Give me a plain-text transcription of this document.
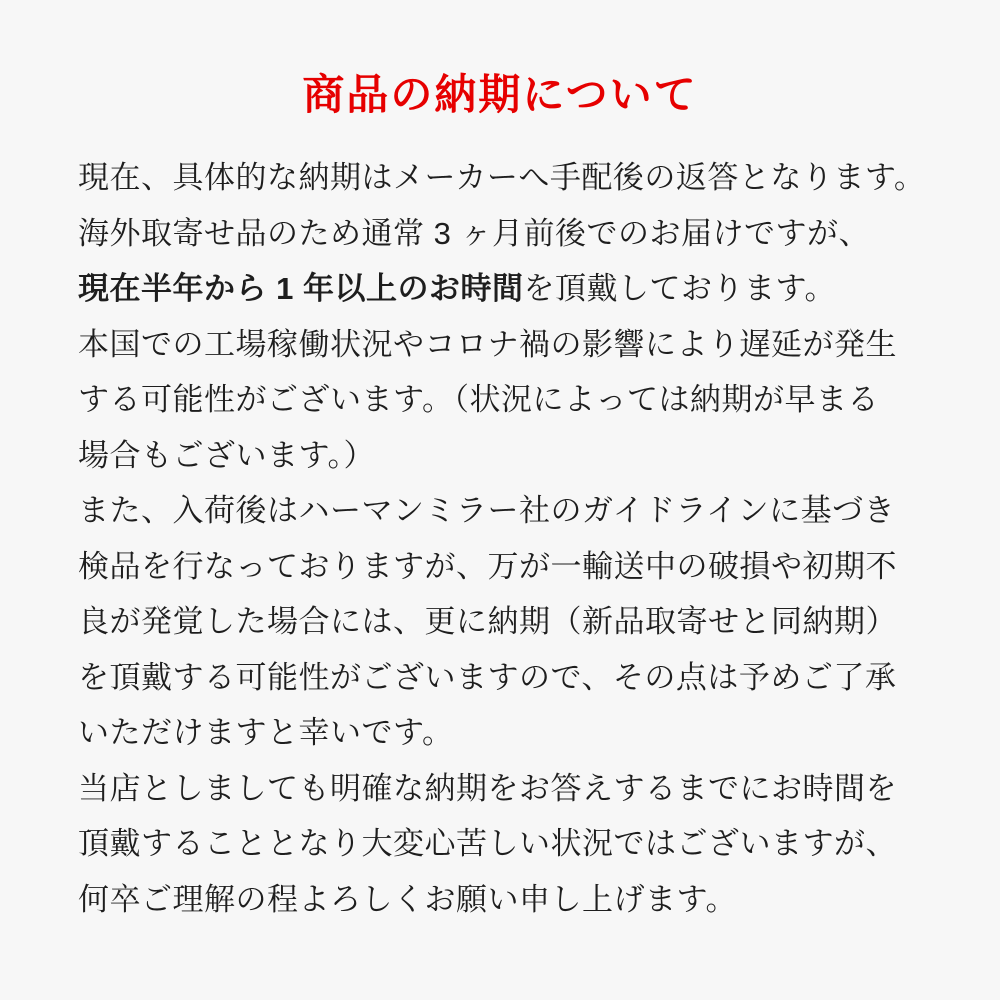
商品の納期について

現在、具体的な納期はメーカーへ手配後の返答となります。

海外取寄せ品のため通常 3 ヶ月前後でのお届けですが、

現在半年から 1 年以上のお時間を頂戴しております。

本国での工場稼働状況やコロナ禍の影響により遅延が発生

する可能性がございます。（状況によっては納期が早まる

場合もございます。）

また、入荷後はハーマンミラー社のガイドラインに基づき

検品を行なっておりますが、万が一輸送中の破損や初期不

良が発覚した場合には、更に納期（新品取寄せと同納期）

を頂戴する可能性がございますので、その点は予めご了承

いただけますと幸いです。

当店としましても明確な納期をお答えするまでにお時間を

頂戴することとなり大変心苦しい状況ではございますが、

何卒ご理解の程よろしくお願い申し上げます。
